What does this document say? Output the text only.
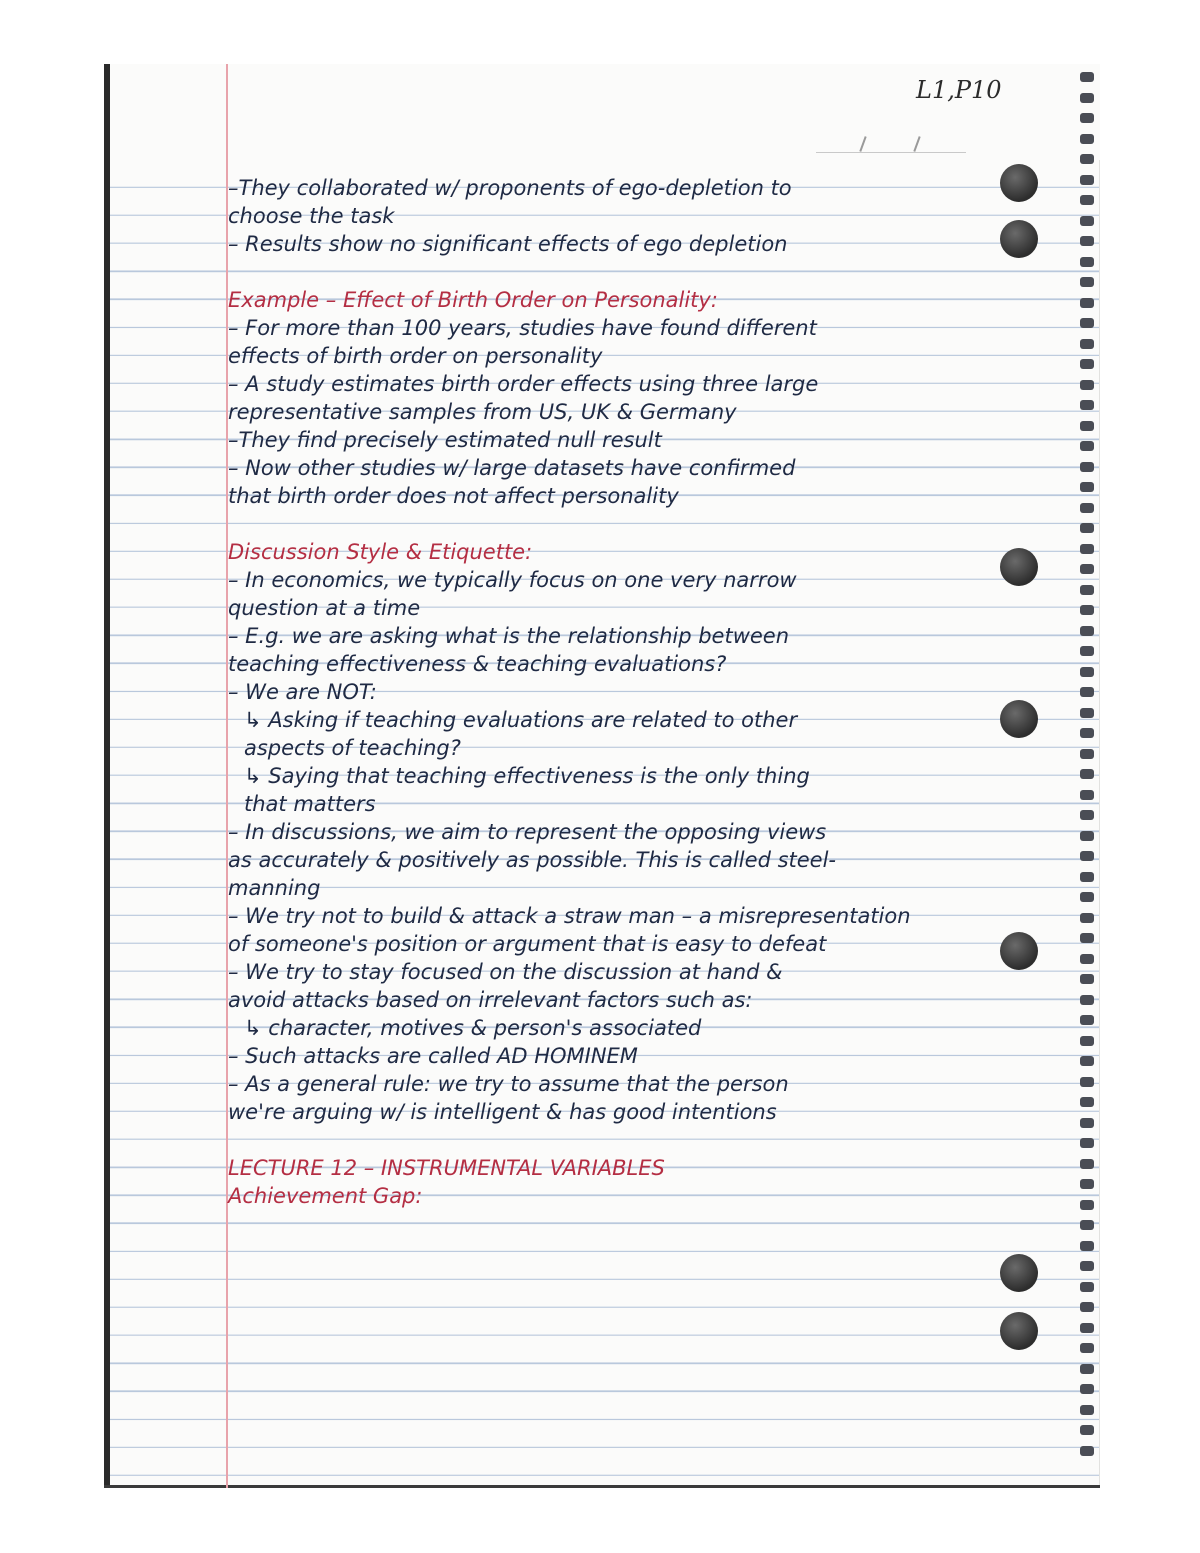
L1,P10
–They collaborated w/ proponents of ego-depletion to
choose the task
– Results show no significant effects of ego depletion
Example – Effect of Birth Order on Personality:
– For more than 100 years, studies have found different
effects of birth order on personality
– A study estimates birth order effects using three large
representative samples from US, UK & Germany
–They find precisely estimated null result
– Now other studies w/ large datasets have confirmed
that birth order does not affect personality
Discussion Style & Etiquette:
– In economics, we typically focus on one very narrow
question at a time
– E.g. we are asking what is the relationship between
teaching effectiveness & teaching evaluations?
– We are NOT:
↳ Asking if teaching evaluations are related to other
aspects of teaching?
↳ Saying that teaching effectiveness is the only thing
that matters
– In discussions, we aim to represent the opposing views
as accurately & positively as possible. This is called steel-
manning
– We try not to build & attack a straw man – a misrepresentation
of someone's position or argument that is easy to defeat
– We try to stay focused on the discussion at hand &
avoid attacks based on irrelevant factors such as:
↳ character, motives & person's associated
– Such attacks are called AD HOMINEM
– As a general rule: we try to assume that the person
we're arguing w/ is intelligent & has good intentions
LECTURE 12 – INSTRUMENTAL VARIABLES
Achievement Gap:
